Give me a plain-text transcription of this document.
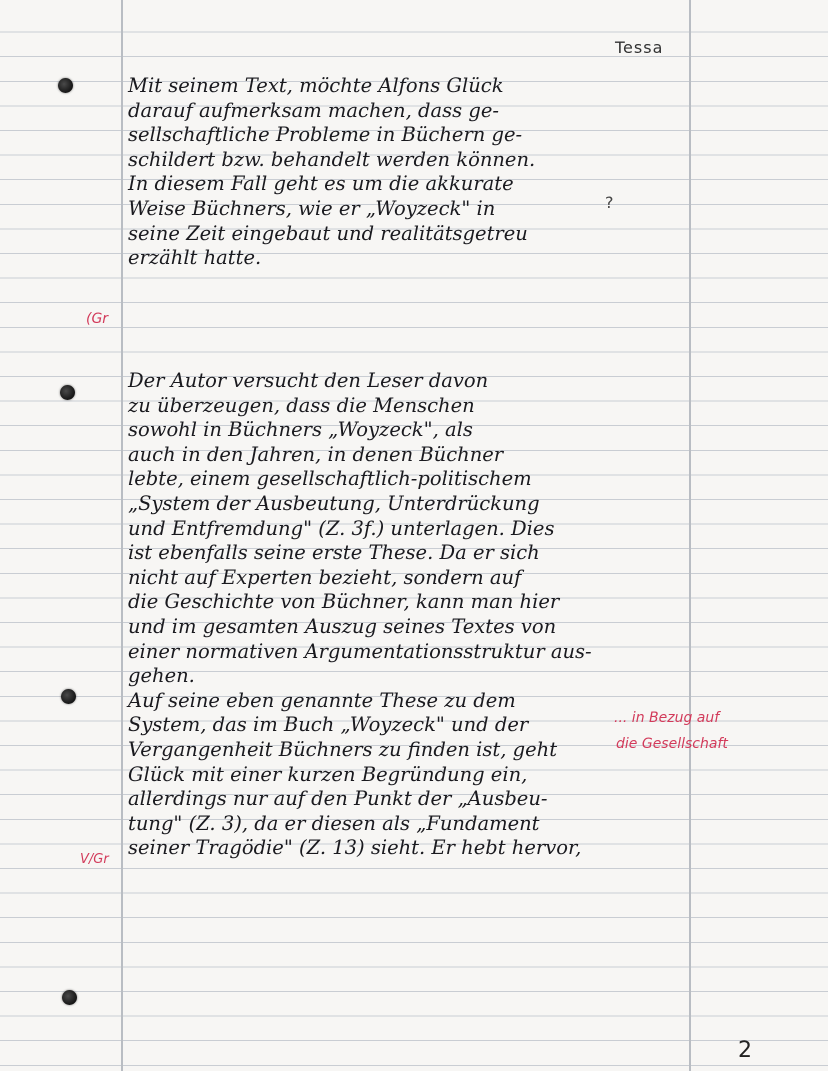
Tessa
?

Mit seinem Text, möchte Alfons Glück

darauf aufmerksam machen, dass ge-

sellschaftliche Probleme in Büchern ge-

schildert bzw. behandelt werden können.

In diesem Fall geht es um die akkurate

Weise Büchners, wie er „Woyzeck" in

seine Zeit eingebaut und realitätsgetreu

erzählt hatte.

Der Autor versucht den Leser davon

zu überzeugen, dass die Menschen

sowohl in Büchners „Woyzeck", als

auch in den Jahren, in denen Büchner

lebte, einem gesellschaftlich-politischem

„System der Ausbeutung, Unterdrückung

und Entfremdung" (Z. 3f.) unterlagen. Dies

ist ebenfalls seine erste These. Da er sich

nicht auf Experten bezieht, sondern auf

die Geschichte von Büchner, kann man hier

und im gesamten Auszug seines Textes von

einer normativen Argumentationsstruktur aus-

gehen.

Auf seine eben genannte These zu dem

System, das im Buch „Woyzeck" und der

Vergangenheit Büchners zu finden ist, geht

Glück mit einer kurzen Begründung ein,

allerdings nur auf den Punkt der „Ausbeu-

tung" (Z. 3), da er diesen als „Fundament

seiner Tragödie" (Z. 13) sieht. Er hebt hervor,

(Gr
V/Gr
... in Bezug auf
die Gesellschaft
2
